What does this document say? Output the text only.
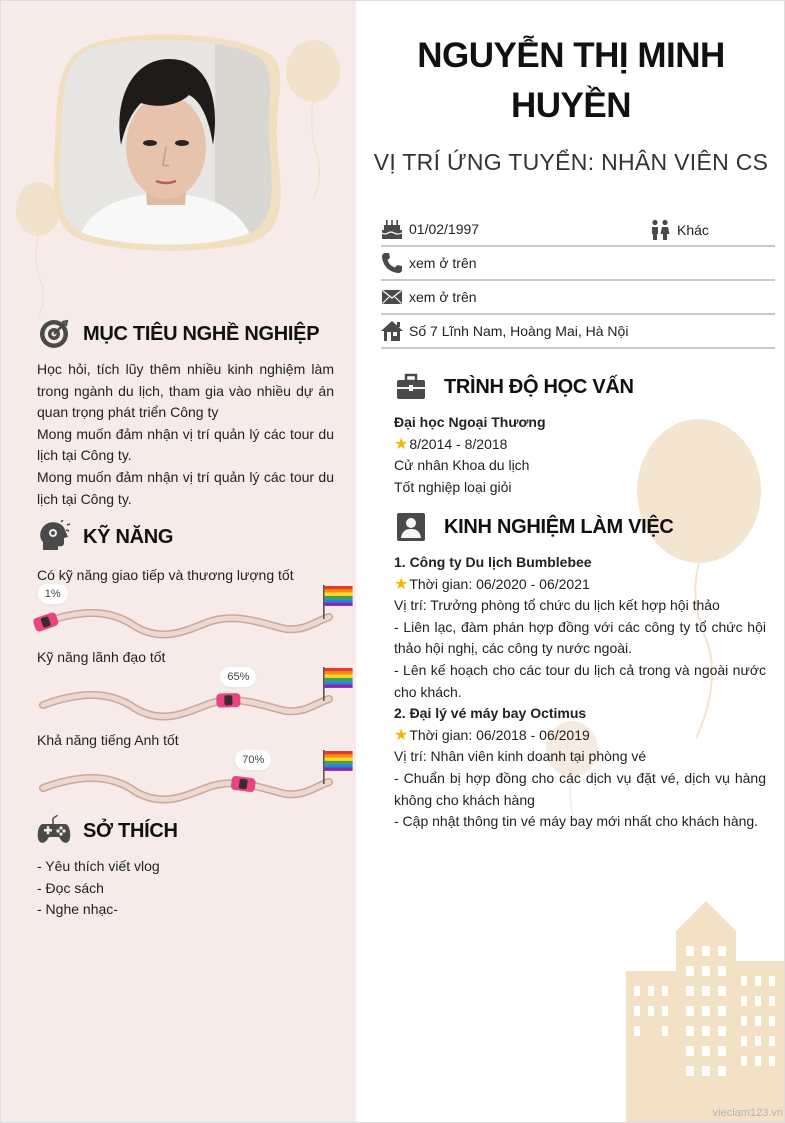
MỤC TIÊU NGHỀ NGHIỆP
Học hỏi, tích lũy thêm nhiều kinh nghiệm làm trong ngành du lịch, tham gia vào nhiều dự án quan trọng phát triển Công ty
Mong muốn đảm nhận vị trí quản lý các tour du lịch tại Công ty.
Mong muốn đảm nhận vị trí quản lý các tour du lịch tại Công ty.
KỸ NĂNG
Có kỹ năng giao tiếp và thương lượng tốt
Kỹ năng lãnh đạo tốt
Khả năng tiếng Anh tốt
1%
65%
70%
SỞ THÍCH
- Yêu thích viết vlog
- Đọc sách
- Nghe nhạc-
NGUYỄN THỊ MINH
HUYỀN
VỊ TRÍ ỨNG TUYỂN: NHÂN VIÊN CS
01/02/1997	Khác
xem ở trên
xem ở trên
Số 7 Lĩnh Nam, Hoàng Mai, Hà Nội
TRÌNH ĐỘ HỌC VẤN
Đại học Ngoại Thương
★8/2014 - 8/2018
Cử nhân Khoa du lịch
Tốt nghiệp loại giỏi
KINH NGHIỆM LÀM VIỆC
1. Công ty Du lịch Bumblebee
★Thời gian: 06/2020 - 06/2021
Vị trí: Trưởng phòng tổ chức du lịch kết hợp hội thảo
- Liên lạc, đàm phán hợp đồng với các công ty tổ chức hội thảo hội nghị, các công ty nước ngoài.
- Lên kế hoạch cho các tour du lịch cả trong và ngoài nước cho khách.
2. Đại lý vé máy bay Octimus
★Thời gian: 06/2018 - 06/2019
Vị trí: Nhân viên kinh doanh tại phòng vé
- Chuẩn bị hợp đồng cho các dịch vụ đặt vé, dịch vụ hàng không cho khách hàng
- Cập nhật thông tin vé máy bay mới nhất cho khách hàng.
vieclam123.vn
